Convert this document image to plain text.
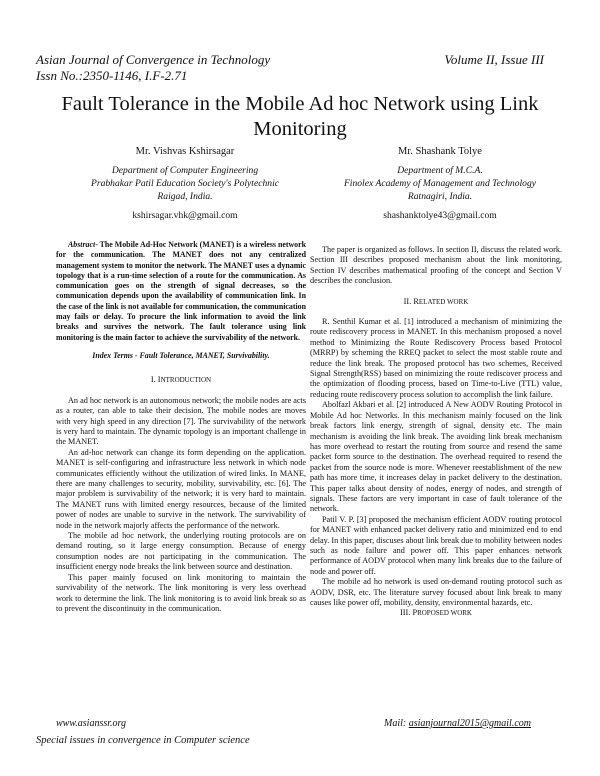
Asian Journal of Convergence in Technology	Volume II, Issue III
Issn No.:2350-1146, I.F-2.71
Fault Tolerance in the Mobile Ad hoc Network using Link Monitoring
Mr. Vishvas Kshirsagar
Department of Computer Engineering
Prabhakar Patil Education Society's Polytechnic
Raigad, India.
kshirsagar.vhk@gmail.com
Mr. Shashank Tolye
Department of M.C.A.
Finolex Academy of Management and Technology
Ratnagiri, India.
shashanktolye43@gmail.com
Abstract- The Mobile Ad-Hoc Network (MANET) is a wireless network for the communication. The MANET does not any centralized management system to monitor the network. The MANET uses a dynamic topology that is a run-time selection of a route for the communication. As communication goes on the strength of signal decreases, so the communication depends upon the availability of communication link. In the case of the link is not available for communication, the communication may fails or delay. To procure the link information to avoid the link breaks and survives the network. The fault tolerance using link monitoring is the main factor to achieve the survivability of the network.
Index Terms - Fault Tolerance, MANET, Survivability.
I. INTRODUCTION

An ad hoc network is an autonomous network; the mobile nodes are acts as a router, can able to take their decision. The mobile nodes are moves with very high speed in any direction [7]. The survivability of the network is very hard to maintain. The dynamic topology is an important challenge in the MANET.

An ad-hoc network can change its form depending on the application. MANET is self-configuring and infrastructure less network in which node communicates efficiently without the utilization of wired links. In MANE, there are many challenges to security, mobility, survivability, etc. [6]. The major problem is survivability of the network; it is very hard to maintain. The MANET runs with limited energy resources, because of the limited power of nodes are unable to survive in the network. The survivability of node in the network majorly affects the performance of the network.

The mobile ad hoc network, the underlying routing protocols are on demand routing, so it large energy consumption. Because of energy consumption nodes are not participating in the communication. The insufficient energy node breaks the link between source and destination.

This paper mainly focused on link monitoring to maintain the survivability of the network. The link monitoring is very less overhead work to determine the link. The link monitoring is to avoid link break so as to prevent the discontinuity in the communication.

The paper is organized as follows. In section II, discuss the related work. Section III describes proposed mechanism about the link monitoring, Section IV describes mathematical proofing of the concept and Section V describes the conclusion.

II. RELATED WORK

R. Senthil Kumar et al. [1] introduced a mechanism of minimizing the route rediscovery process in MANET. In this mechanism proposed a novel method to Minimizing the Route Rediscovery Process based Protocol (MRRP) by scheming the RREQ packet to select the most stable route and reduce the link break. The proposed protocol has two schemes, Received Signal Strength(RSS) based on minimizing the route rediscover process and the optimization of flooding process, based on Time-to-Live (TTL) value, reducing route rediscovery process solution to accomplish the link failure.

Abolfazl Akbari et al. [2] introduced A New AODV Routing Protocol in Mobile Ad hoc Networks. In this mechanism mainly focused on the link break factors link energy, strength of signal, density etc. The main mechanism is avoiding the link break. The avoiding link break mechanism has more overhead to restart the routing from source and resend the same packet form source to the destination. The overhead required to resend the packet from the source node is more. Whenever reestablishment of the new path has more time, it increases delay in packet delivery to the destination. This paper talks about density of nodes, energy of nodes, and strength of signals. These factors are very important in case of fault tolerance of the network.

Patil V. P. [3] proposed the mechanism efficient AODV routing protocol for MANET with enhanced packet delivery ratio and minimized end to end delay. In this paper, discuses about link break due to mobility between nodes such as node failure and power off. This paper enhances network performance of AODV protocol when many link breaks due to the failure of node and power off.

The mobile ad ho network is used on-demand routing protocol such as AODV, DSR, etc. The literature survey focused about link break to many causes like power off, mobility, density, environmental hazards, etc.

III. PROPOSED WORK
www.asianssr.org	Mail: asianjournal2015@gmail.com
Special issues in convergence in Computer science
